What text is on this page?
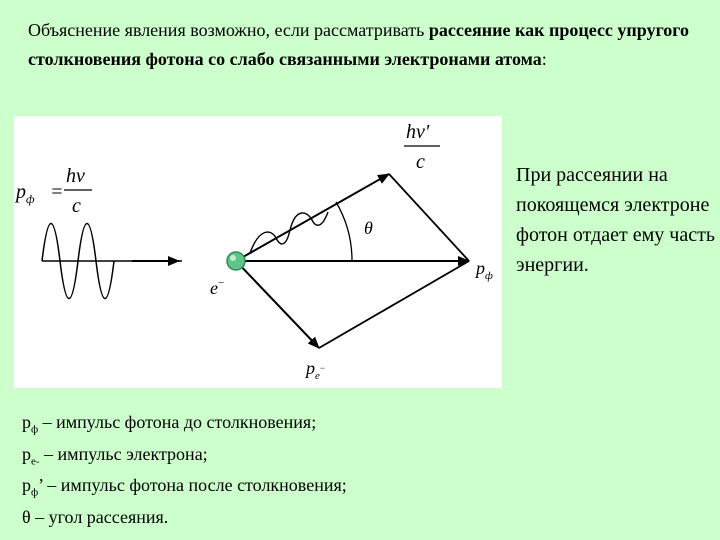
Объяснение явления возможно, если рассматривать рассеяние как процесс упругого столкновения фотона со слабо связанными электронами атома:
$p_ф$ =
hν
c
hν'
c
θ
e−
$p_ф$
$p_e^-$
При рассеянии на покоящемся электроне фотон отдает ему часть энергии.
$p_ф$ – импульс фотона до столкновения;
$p_{е-}$ – импульс электрона;
$p_ф$’ – импульс фотона после столкновения;
θ – угол рассеяния.
